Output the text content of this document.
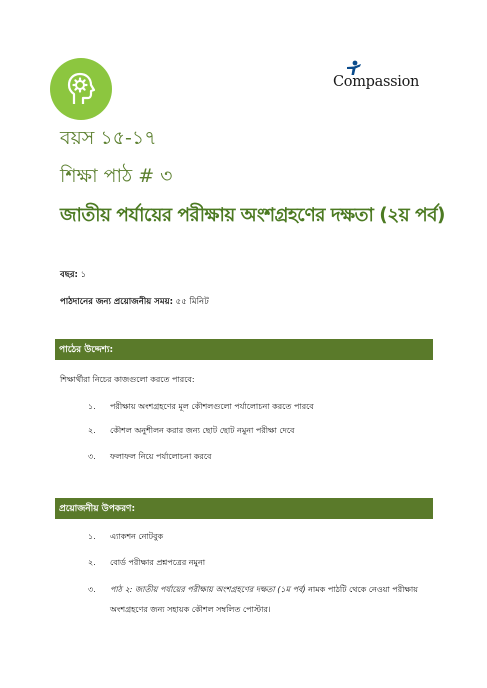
Compassion
বয়স ১৫-১৭
শিক্ষা পাঠ # ৩
জাতীয় পর্যায়ের পরীক্ষায় অংশগ্রহণের দক্ষতা (২য় পর্ব)
বছর: ১
পাঠদানের জন্য প্রয়োজনীয় সময়: ৫৫ মিনিট
পাঠের উদ্দেশ্য:
শিক্ষার্থীরা নিচের কাজগুলো করতে পারবে:
১. পরীক্ষায় অংশগ্রহণের মূল কৌশলগুলো পর্যালোচনা করতে পারবে
২. কৌশল অনুশীলন করার জন্য ছোট ছোট নমুনা পরীক্ষা দেবে
৩. ফলাফল নিয়ে পর্যালোচনা করবে
প্রয়োজনীয় উপকরণ:
১. এ্যাকশন নোটবুক
২. বোর্ড পরীক্ষার প্রশ্নপত্রের নমুনা
৩. পাঠ ২: জাতীয় পর্যায়ের পরীক্ষায় অংশগ্রহণের দক্ষতা (১ম পর্ব) নামক পাঠটি থেকে নেওয়া পরীক্ষায়
অংশগ্রহণের জন্য সহায়ক কৌশল সম্বলিত পোস্টার।
